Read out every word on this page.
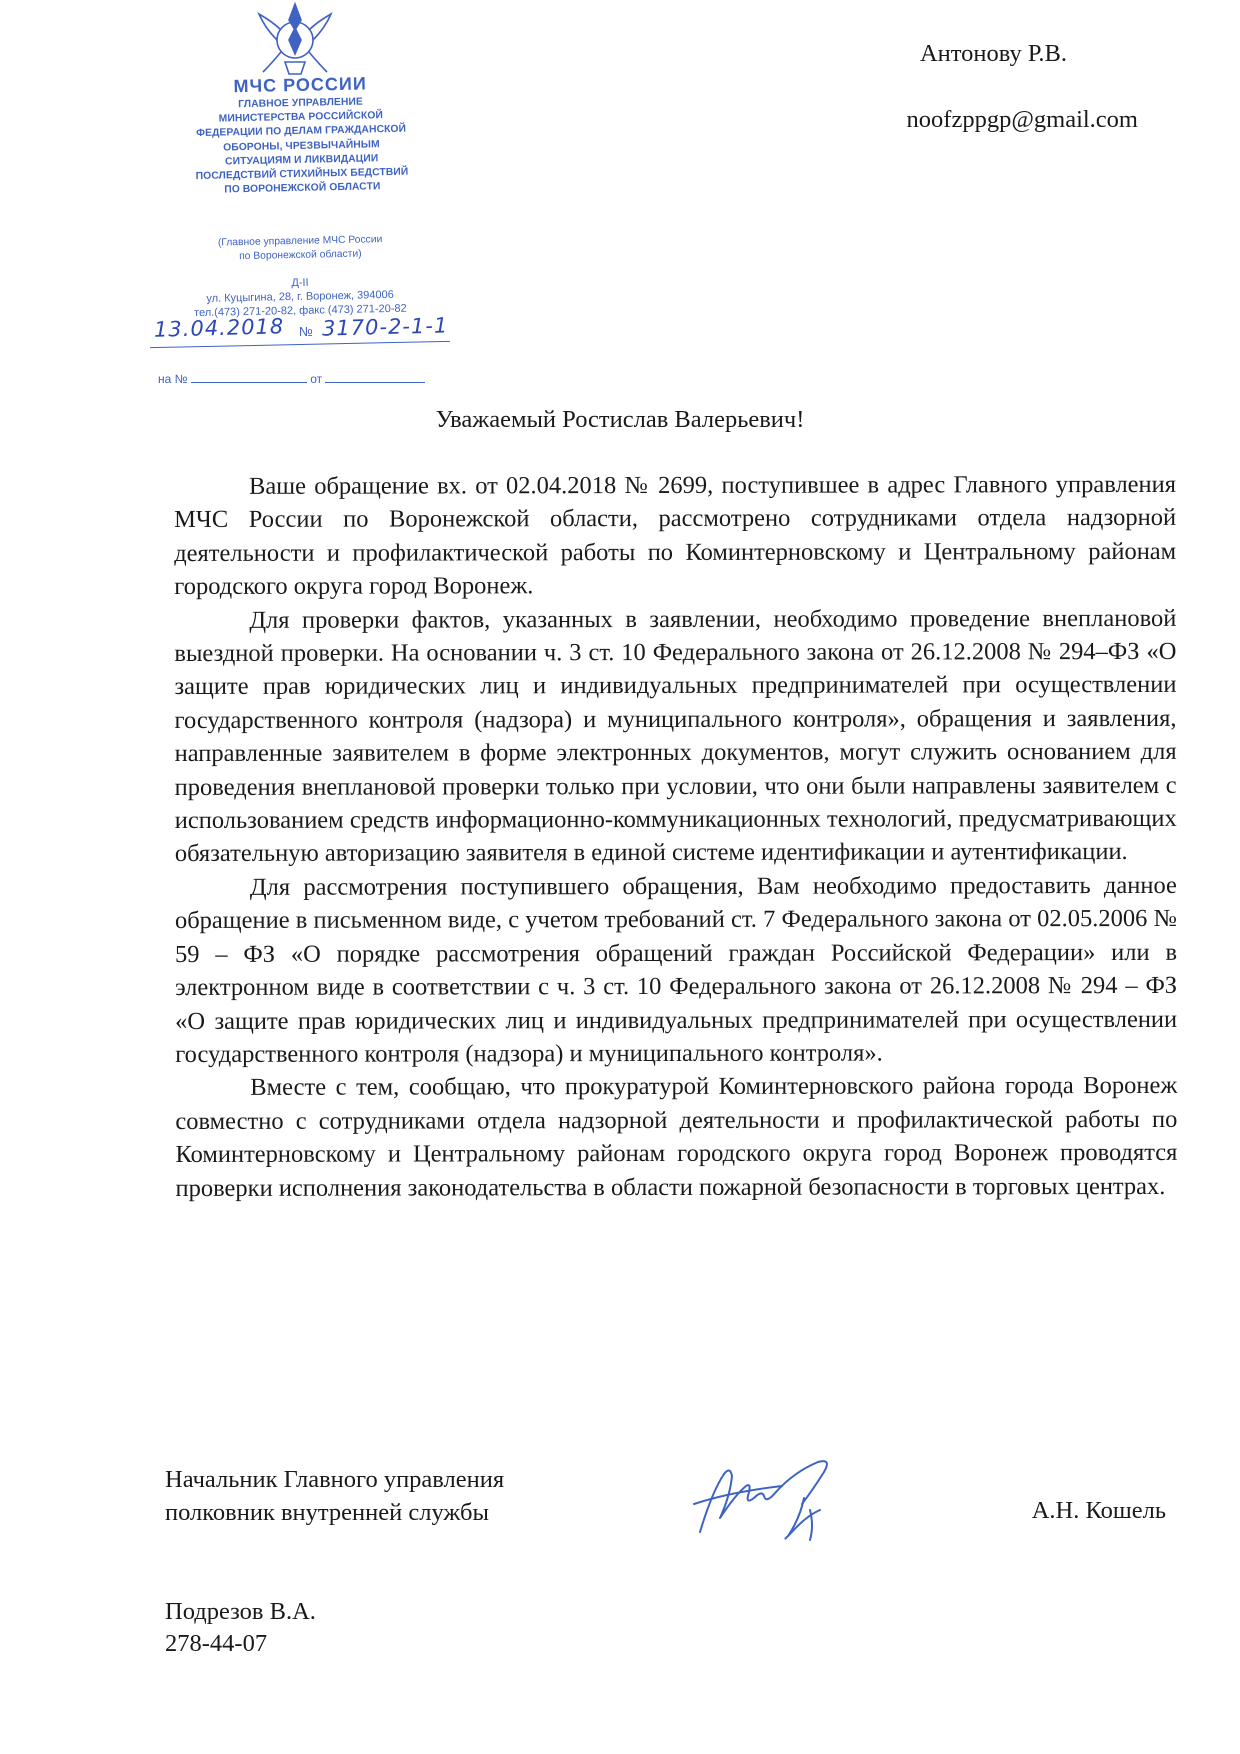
МЧС РОССИИ
ГЛАВНОЕ УПРАВЛЕНИЕ
МИНИСТЕРСТВА РОССИЙСКОЙ
ФЕДЕРАЦИИ ПО ДЕЛАМ ГРАЖДАНСКОЙ
ОБОРОНЫ, ЧРЕЗВЫЧАЙНЫМ
СИТУАЦИЯМ И ЛИКВИДАЦИИ
ПОСЛЕДСТВИЙ СТИХИЙНЫХ БЕДСТВИЙ
ПО ВОРОНЕЖСКОЙ ОБЛАСТИ
(Главное управление МЧС России
по Воронежской области)
Д-II
ул. Куцыгина, 28, г. Воронеж, 394006
тел.(473) 271-20-82, факс (473) 271-20-82
13.04.2018 № 3170-2-1-1
на №	от
Антонову Р.В.
noofzppgp@gmail.com
Уважаемый Ростислав Валерьевич!

Ваше обращение вх. от 02.04.2018 № 2699, поступившее в адрес Главного управления МЧС России по Воронежской области, рассмотрено сотрудниками отдела надзорной деятельности и профилактической работы по Коминтерновскому и Центральному районам городского округа город Воронеж.

Для проверки фактов, указанных в заявлении, необходимо проведение внеплановой выездной проверки. На основании ч. 3 ст. 10 Федерального закона от 26.12.2008 № 294–ФЗ «О защите прав юридических лиц и индивидуальных предпринимателей при осуществлении государственного контроля (надзора) и муниципального контроля», обращения и заявления, направленные заявителем в форме электронных документов, могут служить основанием для проведения внеплановой проверки только при условии, что они были направлены заявителем с использованием средств информационно-коммуникационных технологий, предусматривающих обязательную авторизацию заявителя в единой системе идентификации и аутентификации.

Для рассмотрения поступившего обращения, Вам необходимо предоставить данное обращение в письменном виде, с учетом требований ст. 7 Федерального закона от 02.05.2006 № 59 – ФЗ «О порядке рассмотрения обращений граждан Российской Федерации» или в электронном виде в соответствии с ч. 3 ст. 10 Федерального закона от 26.12.2008 № 294 – ФЗ «О защите прав юридических лиц и индивидуальных предпринимателей при осуществлении государственного контроля (надзора) и муниципального контроля».

Вместе с тем, сообщаю, что прокуратурой Коминтерновского района города Воронеж совместно с сотрудниками отдела надзорной деятельности и профилактической работы по Коминтерновскому и Центральному районам городского округа город Воронеж проводятся проверки исполнения законодательства в области пожарной безопасности в торговых центрах.

Начальник Главного управления
полковник внутренней службы	А.Н. Кошель
Подрезов В.А.
278-44-07
